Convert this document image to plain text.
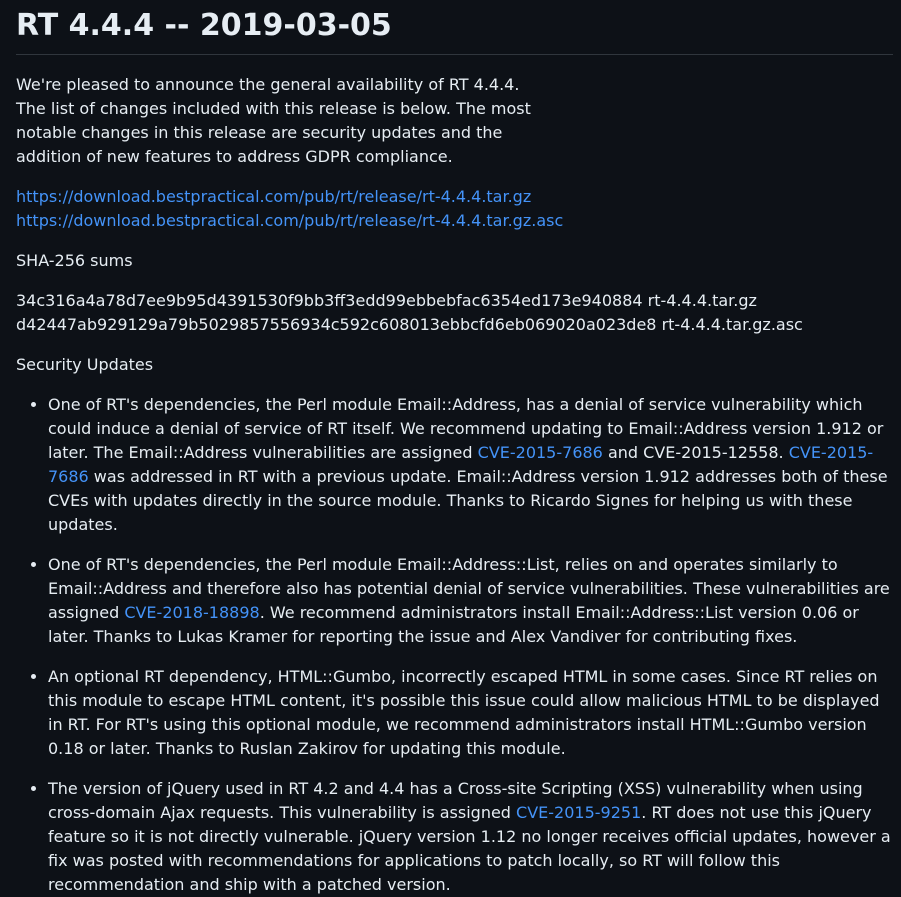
RT 4.4.4 -- 2019-03-05

We're pleased to announce the general availability of RT 4.4.4. The list of changes included with this release is below. The most notable changes in this release are security updates and the addition of new features to address GDPR compliance.

https://download.bestpractical.com/pub/rt/release/rt-4.4.4.tar.gz
https://download.bestpractical.com/pub/rt/release/rt-4.4.4.tar.gz.asc

SHA-256 sums

34c316a4a78d7ee9b95d4391530f9bb3ff3edd99ebbebfac6354ed173e940884 rt-4.4.4.tar.gz
d42447ab929129a79b5029857556934c592c608013ebbcfd6eb069020a023de8 rt-4.4.4.tar.gz.asc

Security Updates

• One of RT's dependencies, the Perl module Email::Address, has a denial of service vulnerability which could induce a denial of service of RT itself. We recommend updating to Email::Address version 1.912 or later. The Email::Address vulnerabilities are assigned CVE-2015-7686 and CVE-2015-12558. CVE-2015-7686 was addressed in RT with a previous update. Email::Address version 1.912 addresses both of these CVEs with updates directly in the source module. Thanks to Ricardo Signes for helping us with these updates.
• One of RT's dependencies, the Perl module Email::Address::List, relies on and operates similarly to Email::Address and therefore also has potential denial of service vulnerabilities. These vulnerabilities are assigned CVE-2018-18898. We recommend administrators install Email::Address::List version 0.06 or later. Thanks to Lukas Kramer for reporting the issue and Alex Vandiver for contributing fixes.
• An optional RT dependency, HTML::Gumbo, incorrectly escaped HTML in some cases. Since RT relies on this module to escape HTML content, it's possible this issue could allow malicious HTML to be displayed in RT. For RT's using this optional module, we recommend administrators install HTML::Gumbo version 0.18 or later. Thanks to Ruslan Zakirov for updating this module.
• The version of jQuery used in RT 4.2 and 4.4 has a Cross-site Scripting (XSS) vulnerability when using cross-domain Ajax requests. This vulnerability is assigned CVE-2015-9251. RT does not use this jQuery feature so it is not directly vulnerable. jQuery version 1.12 no longer receives official updates, however a fix was posted with recommendations for applications to patch locally, so RT will follow this recommendation and ship with a patched version.
